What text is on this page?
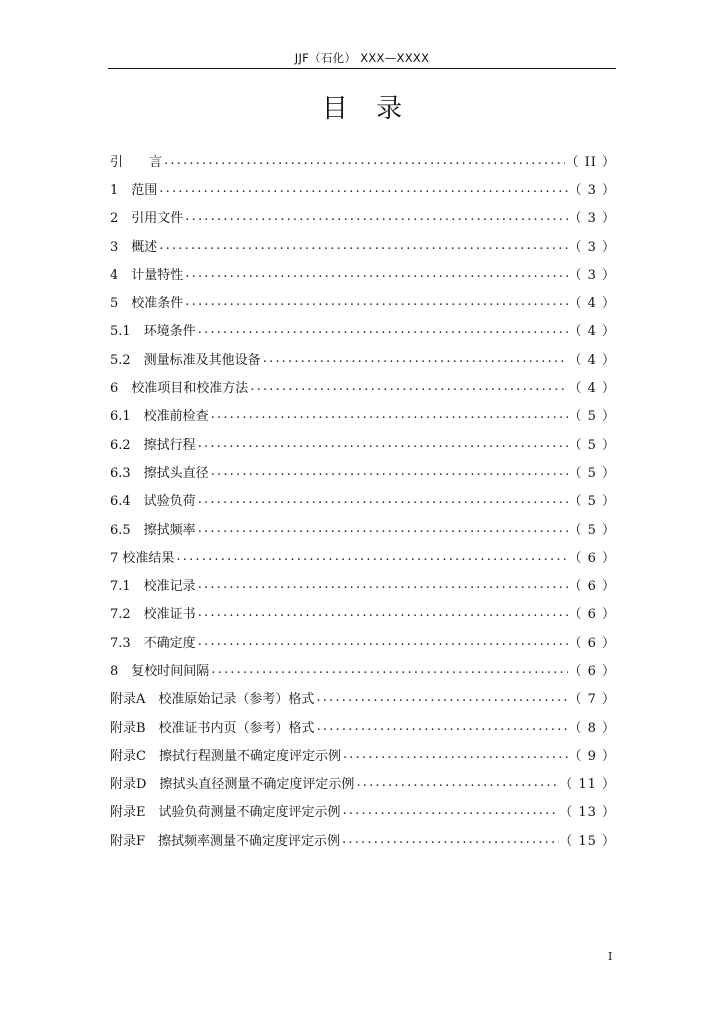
JJF（石化） XXX—XXXX
目 录
引　　言 .....	（ II ）
1　范围 .....	（ 3 ）
2　引用文件 .....	（ 3 ）
3　概述 .....	（ 3 ）
4　计量特性 .....	（ 3 ）
5　校准条件 .....	（ 4 ）
5.1　环境条件 .....	（ 4 ）
5.2　测量标准及其他设备 .....	（ 4 ）
6　校准项目和校准方法 .....	（ 4 ）
6.1　校准前检查 .....	（ 5 ）
6.2　擦拭行程 .....	（ 5 ）
6.3　擦拭头直径 .....	（ 5 ）
6.4　试验负荷 .....	（ 5 ）
6.5　擦拭频率 .....	（ 5 ）
7 校准结果 .....	（ 6 ）
7.1　校准记录 .....	（ 6 ）
7.2　校准证书 .....	（ 6 ）
7.3　不确定度 .....	（ 6 ）
8　复校时间间隔 .....	（ 6 ）
附录A　校准原始记录（参考）格式 .....	（ 7 ）
附录B　校准证书内页（参考）格式 .....	（ 8 ）
附录C　擦拭行程测量不确定度评定示例 .....	（ 9 ）
附录D　擦拭头直径测量不确定度评定示例 .....	（ 11 ）
附录E　试验负荷测量不确定度评定示例 .....	（ 13 ）
附录F　擦拭频率测量不确定度评定示例 .....	（ 15 ）
I
